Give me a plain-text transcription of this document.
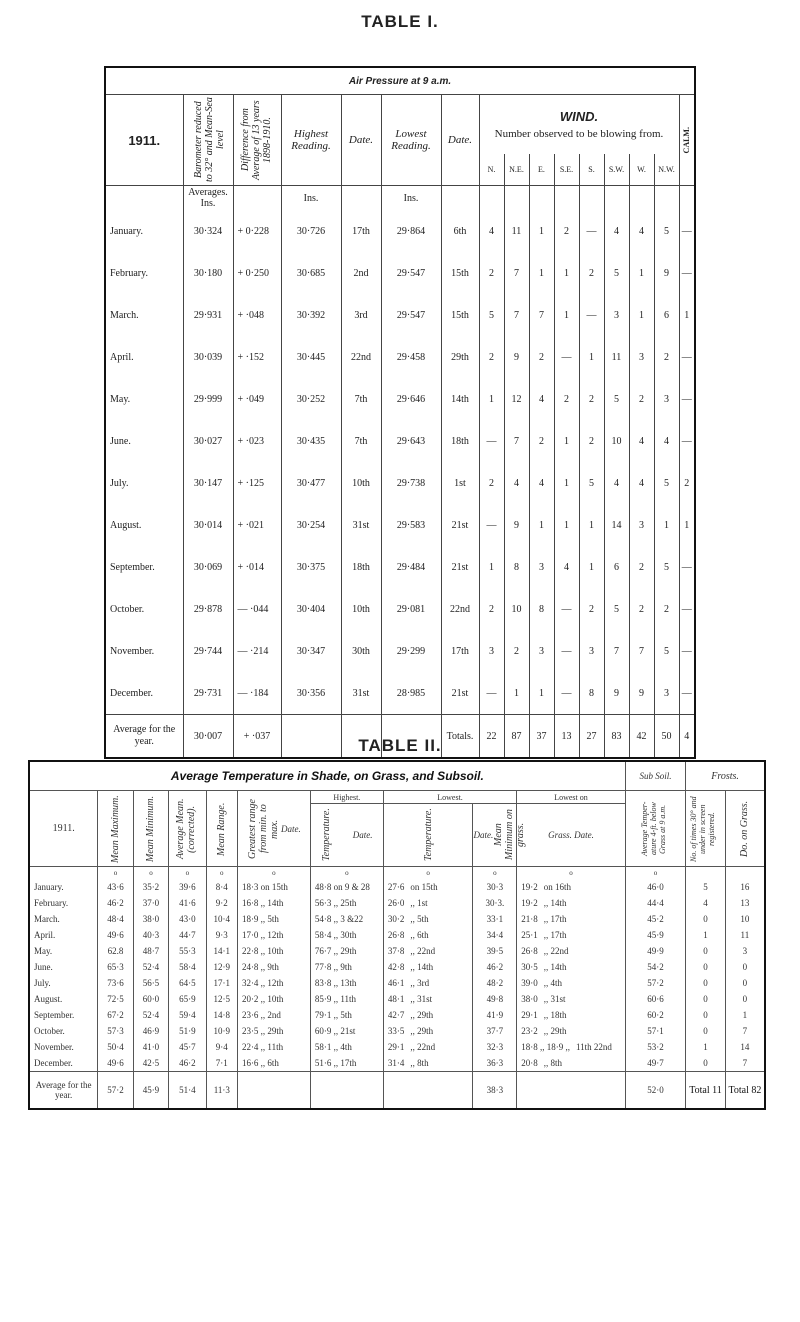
TABLE I.
Air Pressure at 9 a.m.															
1911.	Barometer reduced to 32° and Mean-Sea level	Difference from Average of 13 years 1898-1910.	Highest Reading.	Date.	Lowest Reading.	Date.	WIND.
Number observed to be blowing from.								CALM.

							N.	N.E.	E.	S.E.	S.	S.W.	W.	N.W.	
	Averages. Ins.		Ins.		Ins.										
January.	30·324	+ 0·228	30·726	17th	29·864	6th	4	11	1	2	—	4	4	5	—
February.	30·180	+ 0·250	30·685	2nd	29·547	15th	2	7	1	1	2	5	1	9	—
March.	29·931	+ ·048	30·392	3rd	29·547	15th	5	7	7	1	—	3	1	6	1
April.	30·039	+ ·152	30·445	22nd	29·458	29th	2	9	2	—	1	11	3	2	—
May.	29·999	+ ·049	30·252	7th	29·646	14th	1	12	4	2	2	5	2	3	—
June.	30·027	+ ·023	30·435	7th	29·643	18th	—	7	2	1	2	10	4	4	—
July.	30·147	+ ·125	30·477	10th	29·738	1st	2	4	4	1	5	4	4	5	2
August.	30·014	+ ·021	30·254	31st	29·583	21st	—	9	1	1	1	14	3	1	1
September.	30·069	+ ·014	30·375	18th	29·484	21st	1	8	3	4	1	6	2	5	—
October.	29·878	— ·044	30·404	10th	29·081	22nd	2	10	8	—	2	5	2	2	—
November.	29·744	— ·214	30·347	30th	29·299	17th	3	2	3	—	3	7	7	5	—
December.	29·731	— ·184	30·356	31st	28·985	21st	—	1	1	—	8	9	9	3	—
Average for the year.	30·007	+ ·037				Totals.	22	87	37	13	27	83	42	50	4
TABLE II.
Average Temperature in Shade, on Grass, and Subsoil.										Sub Soil.	Frosts.	
1911.	Mean Maximum.	Mean Minimum.	Average Mean. (corrected).	Mean Range.	Greatest range from min. to max. Date.	Highest.	Lowest.		Lowest on	Average Temper- ature 4-ft. below Grass at 9 a.m.	No. of times 30° and under in screen registered.	Do. on Grass.

						Temperature. Date.	Temperature.	Date. Mean Minimum on grass.	Grass. Date.			
	o	o	o	o	o	o	o	o	o	o		
January.	43·6	35·2	39·6	8·4	18·3 on 15th	48·8 on 9 & 28	27·6 on 15th	30·3	19·2 on 16th	46·0	5	16
February.	46·2	37·0	41·6	9·2	16·8 ,, 14th	56·3 ,, 25th	26·0 ,, 1st	30·3.	19·2 ,, 14th	44·4	4	13
March.	48·4	38·0	43·0	10·4	18·9 ,, 5th	54·8 ,, 3 &22	30·2 ,, 5th	33·1	21·8 ,, 17th	45·2	0	10
April.	49·6	40·3	44·7	9·3	17·0 ,, 12th	58·4 ,, 30th	26·8 ,, 6th	34·4	25·1 ,, 17th	45·9	1	11
May.	62.8	48·7	55·3	14·1	22·8 ,, 10th	76·7 ,, 29th	37·8 ,, 22nd	39·5	26·8 ,, 22nd	49·9	0	3
June.	65·3	52·4	58·4	12·9	24·8 ,, 9th	77·8 ,, 9th	42·8 ,, 14th	46·2	30·5 ,, 14th	54·2	0	0
July.	73·6	56·5	64·5	17·1	32·4 ,, 12th	83·8 ,, 13th	46·1 ,, 3rd	48·2	39·0 ,, 4th	57·2	0	0
August.	72·5	60·0	65·9	12·5	20·2 ,, 10th	85·9 ,, 11th	48·1 ,, 31st	49·8	38·0 ,, 31st	60·6	0	0
September.	67·2	52·4	59·4	14·8	23·6 ,, 2nd	79·1 ,, 5th	42·7 ,, 29th	41·9	29·1 ,, 18th	60·2	0	1
October.	57·3	46·9	51·9	10·9	23·5 ,, 29th	60·9 ,, 21st	33·5 ,, 29th	37·7	23·2 ,, 29th	57·1	0	7
November.	50·4	41·0	45·7	9·4	22·4 ,, 11th	58·1 ,, 4th	29·1 ,, 22nd	32·3	18·8 ,, 18·9 ,, 11th 22nd	53·2	1	14
December.	49·6	42·5	46·2	7·1	16·6 ,, 6th	51·6 ,, 17th	31·4 ,, 8th	36·3	20·8 ,, 8th	49·7	0	7
Average for the year.	57·2	45·9	51·4	11·3				38·3		52·0	Total 11	Total 82
